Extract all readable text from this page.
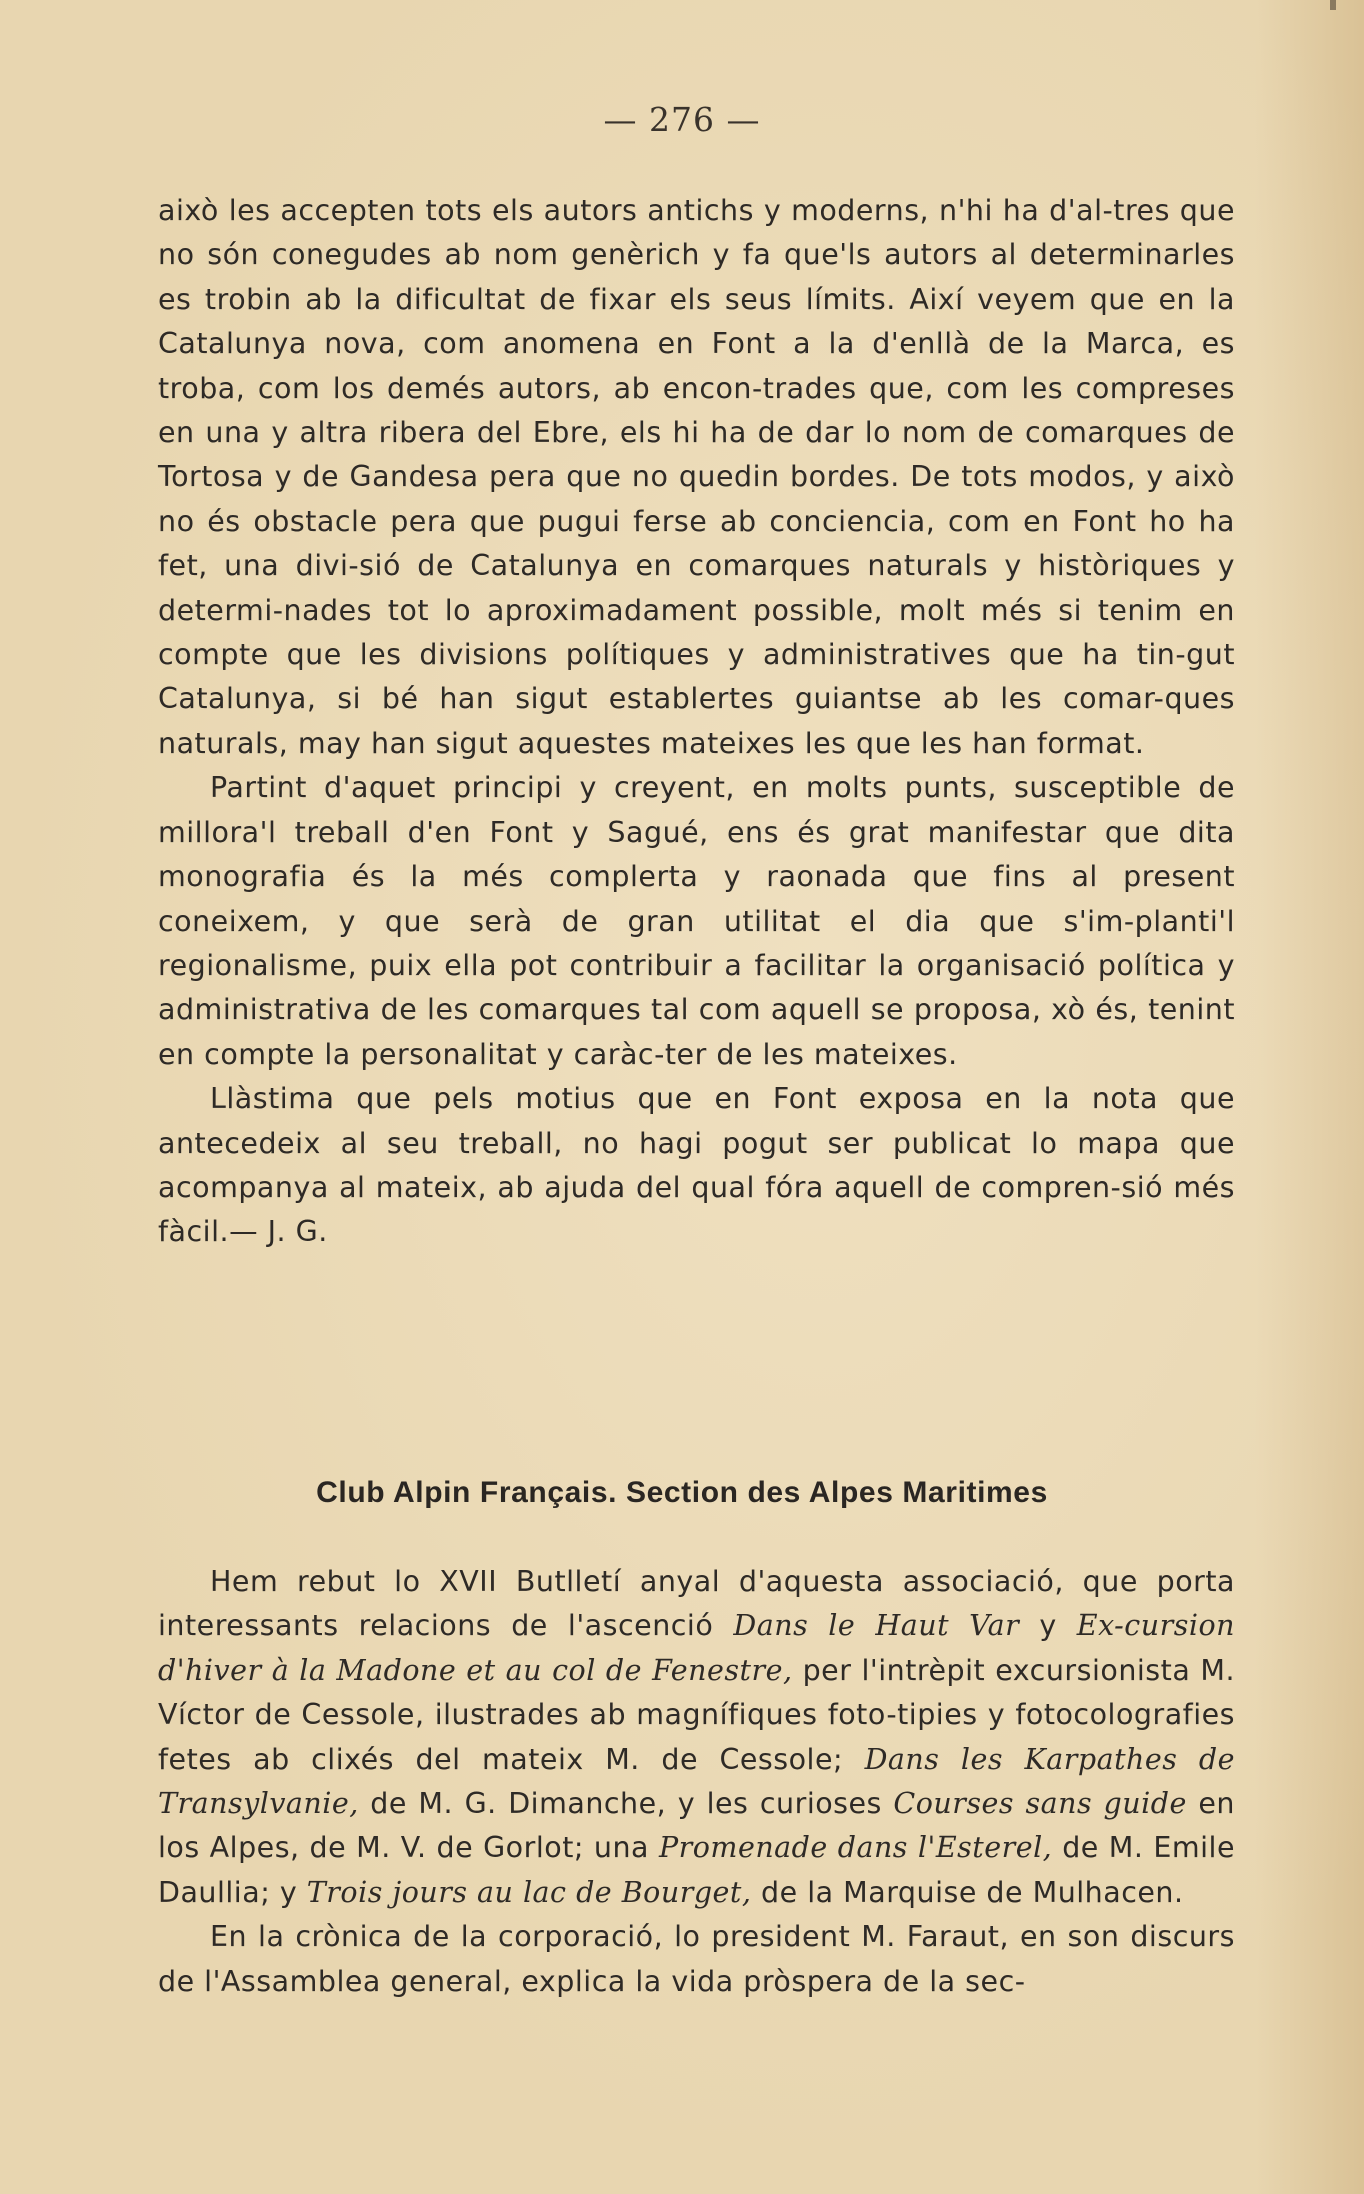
— 276 —

això les accepten tots els autors antichs y moderns, n'hi ha d'al-tres que no són conegudes ab nom genèrich y fa que'ls autors al determinarles es trobin ab la dificultat de fixar els seus límits. Així veyem que en la Catalunya nova, com anomena en Font a la d'enllà de la Marca, es troba, com los demés autors, ab encon-trades que, com les compreses en una y altra ribera del Ebre, els hi ha de dar lo nom de comarques de Tortosa y de Gandesa pera que no quedin bordes. De tots modos, y això no és obstacle pera que pugui ferse ab conciencia, com en Font ho ha fet, una divi-sió de Catalunya en comarques naturals y històriques y determi-nades tot lo aproximadament possible, molt més si tenim en compte que les divisions polítiques y administratives que ha tin-gut Catalunya, si bé han sigut establertes guiantse ab les comar-ques naturals, may han sigut aquestes mateixes les que les han format.

Partint d'aquet principi y creyent, en molts punts, susceptible de millora'l treball d'en Font y Sagué, ens és grat manifestar que dita monografia és la més complerta y raonada que fins al present coneixem, y que serà de gran utilitat el dia que s'im-planti'l regionalisme, puix ella pot contribuir a facilitar la organisació política y administrativa de les comarques tal com aquell se proposa, xò és, tenint en compte la personalitat y caràc-ter de les mateixes.

Llàstima que pels motius que en Font exposa en la nota que antecedeix al seu treball, no hagi pogut ser publicat lo mapa que acompanya al mateix, ab ajuda del qual fóra aquell de compren-sió més fàcil.— J. G.

Club Alpin Français. Section des Alpes Maritimes

Hem rebut lo XVII Butlletí anyal d'aquesta associació, que porta interessants relacions de l'ascenció Dans le Haut Var y Ex-cursion d'hiver à la Madone et au col de Fenestre, per l'intrèpit excursionista M. Víctor de Cessole, ilustrades ab magnífiques foto-tipies y fotocolografies fetes ab clixés del mateix M. de Cessole; Dans les Karpathes de Transylvanie, de M. G. Dimanche, y les curioses Courses sans guide en los Alpes, de M. V. de Gorlot; una Promenade dans l'Esterel, de M. Emile Daullia; y Trois jours au lac de Bourget, de la Marquise de Mulhacen.

En la crònica de la corporació, lo president M. Faraut, en son discurs de l'Assamblea general, explica la vida pròspera de la sec-
